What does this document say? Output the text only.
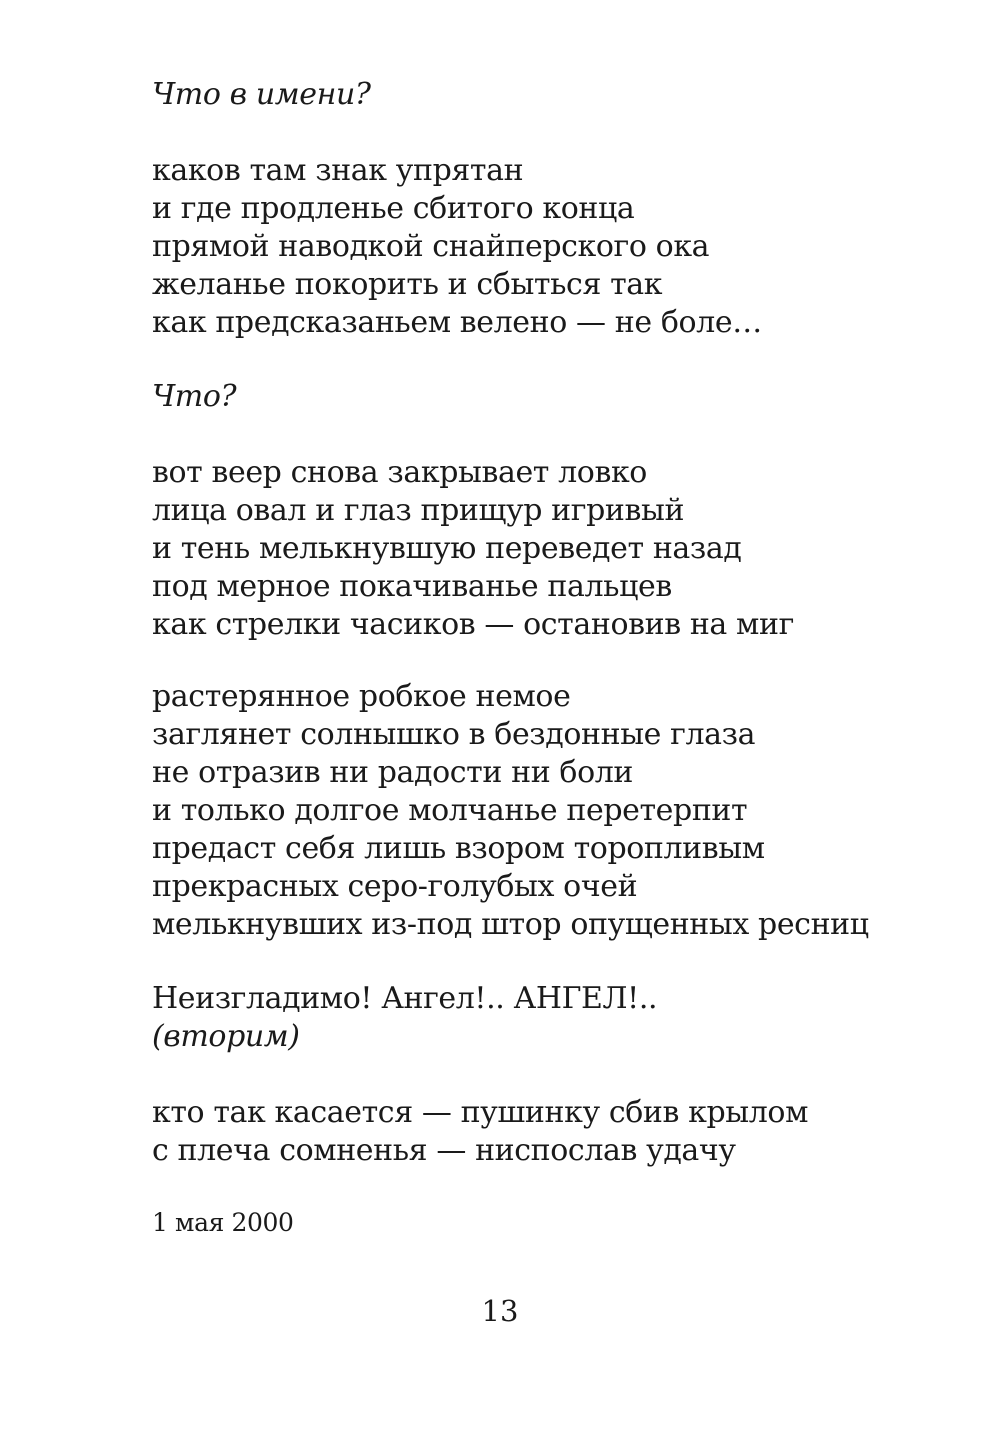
Что в имени?
каков там знак упрятан
и где продленье сбитого конца
прямой наводкой снайперского ока
желанье покорить и сбыться так
как предсказаньем велено — не боле…
Что?
вот веер снова закрывает ловко
лица овал и глаз прищур игривый
и тень мелькнувшую переведет назад
под мерное покачиванье пальцев
как стрелки часиков — остановив на миг
растерянное робкое немое
заглянет солнышко в бездонные глаза
не отразив ни радости ни боли
и только долгое молчанье перетерпит
предаст себя лишь взором торопливым
прекрасных серо-голубых очей
мелькнувших из-под штор опущенных ресниц
Неизгладимо! Ангел!.. АНГЕЛ!..
(вторим)
кто так касается — пушинку сбив крылом
с плеча сомненья — ниспослав удачу
1 мая 2000
13
